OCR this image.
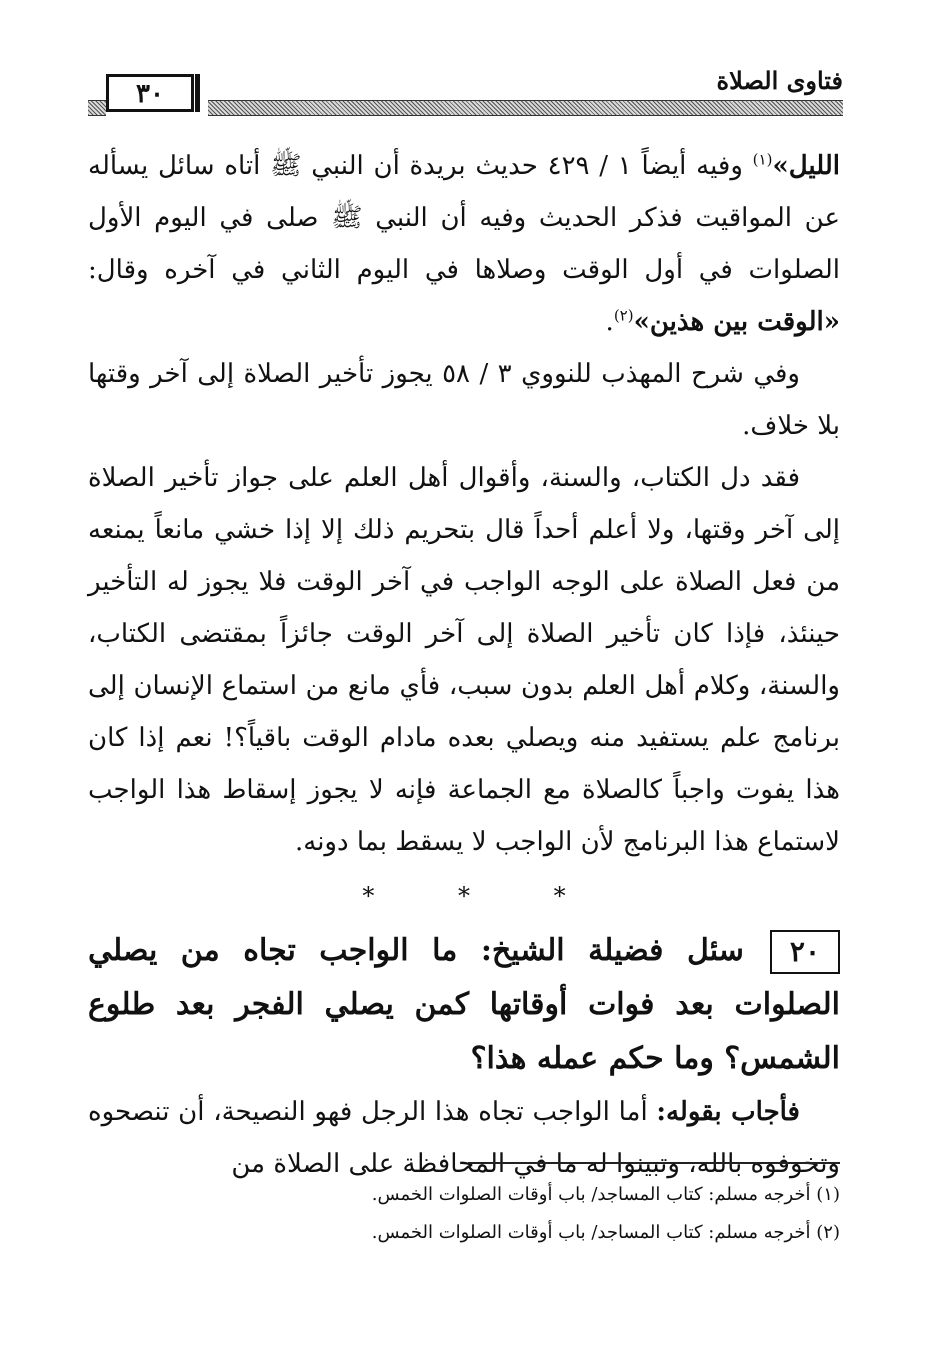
٣٠	فتاوى الصلاة

الليل»$^{(١)}$ وفيه أيضاً ١ / ٤٢٩ حديث بريدة أن النبي ﷺ أتاه سائل يسأله عن المواقيت فذكر الحديث وفيه أن النبي ﷺ صلى في اليوم الأول الصلوات في أول الوقت وصلاها في اليوم الثاني في آخره وقال: «الوقت بين هذين»$^{(٢)}$.

وفي شرح المهذب للنووي ٣ / ٥٨ يجوز تأخير الصلاة إلى آخر وقتها بلا خلاف.

فقد دل الكتاب، والسنة، وأقوال أهل العلم على جواز تأخير الصلاة إلى آخر وقتها، ولا أعلم أحداً قال بتحريم ذلك إلا إذا خشي مانعاً يمنعه من فعل الصلاة على الوجه الواجب في آخر الوقت فلا يجوز له التأخير حينئذ، فإذا كان تأخير الصلاة إلى آخر الوقت جائزاً بمقتضى الكتاب، والسنة، وكلام أهل العلم بدون سبب، فأي مانع من استماع الإنسان إلى برنامج علم يستفيد منه ويصلي بعده مادام الوقت باقياً؟! نعم إذا كان هذا يفوت واجباً كالصلاة مع الجماعة فإنه لا يجوز إسقاط هذا الواجب لاستماع هذا البرنامج لأن الواجب لا يسقط بما دونه.

* * *

٢٠سئل فضيلة الشيخ: ما الواجب تجاه من يصلي الصلوات بعد فوات أوقاتها كمن يصلي الفجر بعد طلوع الشمس؟ وما حكم عمله هذا؟

فأجاب بقوله: أما الواجب تجاه هذا الرجل فهو النصيحة، أن تنصحوه وتخوفوه بالله، وتبينوا له ما في المحافظة على الصلاة من

(١) أخرجه مسلم: كتاب المساجد/ باب أوقات الصلوات الخمس.
(٢) أخرجه مسلم: كتاب المساجد/ باب أوقات الصلوات الخمس.
